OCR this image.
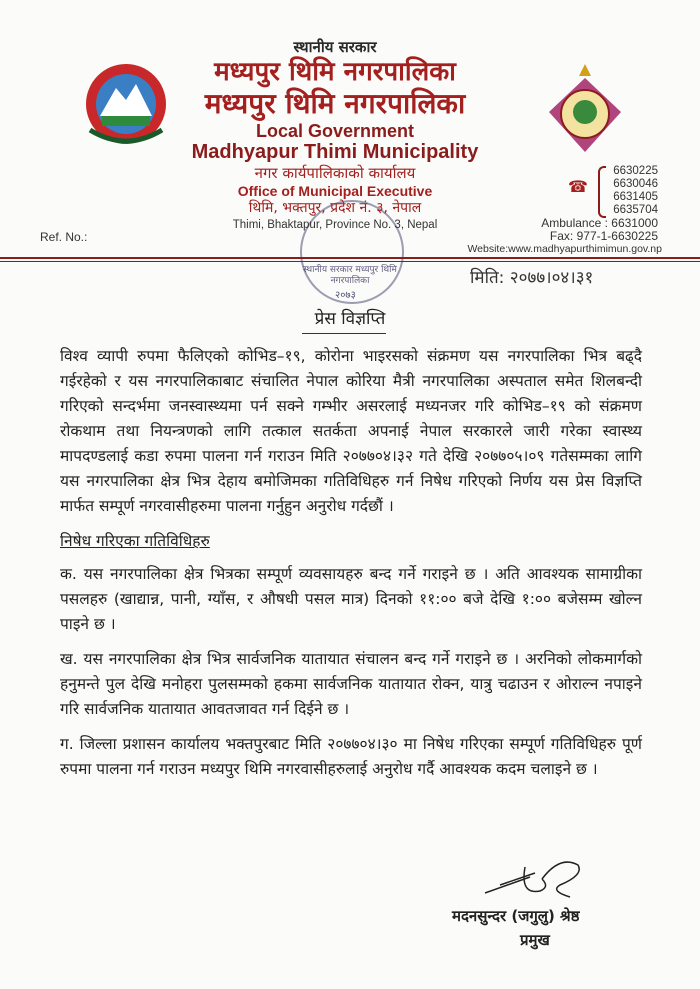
स्थानीय सरकार
मध्यपुर थिमि नगरपालिका
मध्यपुर थिमि नगरपालिका
Local Government
Madhyapur Thimi Municipality
नगर कार्यपालिकाको कार्यालय
Office of Municipal Executive
थिमि, भक्तपुर, प्रदेश नं. ३, नेपाल
Thimi, Bhaktapur, Province No. 3, Nepal
Ref. No.:
☎
6630225
6630046
6631405
6635704
Ambulance : 6631000
Fax: 977-1-6630225
Website:www.madhyapurthimimun.gov.np
स्थानीय सरकार मध्यपुर थिमि नगरपालिका
२०७३
मिति: २०७७।०४।३१
प्रेस विज्ञप्ति

विश्व व्यापी रुपमा फैलिएको कोभिड–१९, कोरोना भाइरसको संक्रमण यस नगरपालिका भित्र बढ्दै गईरहेको र यस नगरपालिकाबाट संचालित नेपाल कोरिया मैत्री नगरपालिका अस्पताल समेत शिलबन्दी गरिएको सन्दर्भमा जनस्वास्थ्यमा पर्न सक्ने गम्भीर असरलाई मध्यनजर गरि कोभिड–१९ को संक्रमण रोकथाम तथा नियन्त्रणको लागि तत्काल सतर्कता अपनाई नेपाल सरकारले जारी गरेका स्वास्थ्य मापदण्डलाई कडा रुपमा पालना गर्न गराउन मिति २०७७०४।३२ गते देखि २०७७०५।०९ गतेसम्मका लागि यस नगरपालिका क्षेत्र भित्र देहाय बमोजिमका गतिविधिहरु गर्न निषेध गरिएको निर्णय यस प्रेस विज्ञप्ति मार्फत सम्पूर्ण नगरवासीहरुमा पालना गर्नुहुन अनुरोध गर्दछौं ।

निषेध गरिएका गतिविधिहरु

क. यस नगरपालिका क्षेत्र भित्रका सम्पूर्ण व्यवसायहरु बन्द गर्ने गराइने छ । अति आवश्यक सामाग्रीका पसलहरु (खाद्यान्न, पानी, ग्याँस, र औषधी पसल मात्र) दिनको ११:०० बजे देखि १:०० बजेसम्म खोल्न पाइने छ ।

ख. यस नगरपालिका क्षेत्र भित्र सार्वजनिक यातायात संचालन बन्द गर्ने गराइने छ । अरनिको लोकमार्गको हनुमन्ते पुल देखि मनोहरा पुलसम्मको हकमा सार्वजनिक यातायात रोक्न, यात्रु चढाउन र ओराल्न नपाइने गरि सार्वजनिक यातायात आवतजावत गर्न दिईने छ ।

ग. जिल्ला प्रशासन कार्यालय भक्तपुरबाट मिति २०७७०४।३० मा निषेध गरिएका सम्पूर्ण गतिविधिहरु पूर्ण रुपमा पालना गर्न गराउन मध्यपुर थिमि नगरवासीहरुलाई अनुरोध गर्दै आवश्यक कदम चलाइने छ ।

मदनसुन्दर (जगुलु) श्रेष्ठ
प्रमुख
